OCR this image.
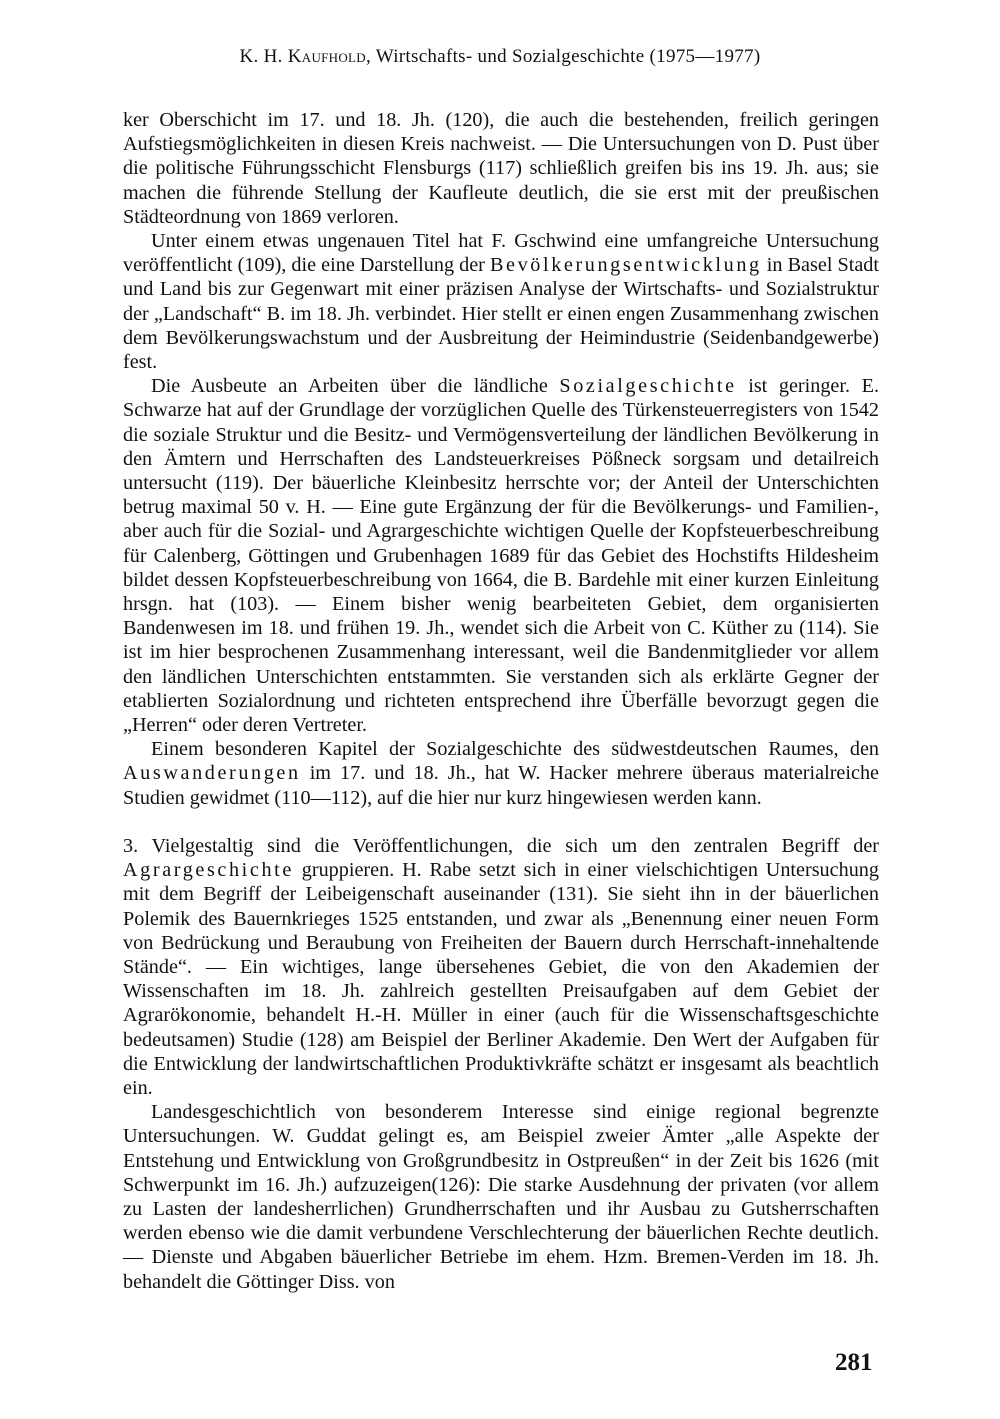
K. H. Kaufhold, Wirtschafts- und Sozialgeschichte (1975—1977)

ker Oberschicht im 17. und 18. Jh. (120), die auch die bestehenden, freilich geringen Aufstiegsmöglichkeiten in diesen Kreis nachweist. — Die Untersuchungen von D. Pust über die politische Führungsschicht Flensburgs (117) schließlich greifen bis ins 19. Jh. aus; sie machen die führende Stellung der Kaufleute deutlich, die sie erst mit der preußischen Städteordnung von 1869 verloren.

Unter einem etwas ungenauen Titel hat F. Gschwind eine umfangreiche Untersuchung veröffentlicht (109), die eine Darstellung der Bevölkerungsentwicklung in Basel Stadt und Land bis zur Gegenwart mit einer präzisen Analyse der Wirtschafts- und Sozialstruktur der „Landschaft“ B. im 18. Jh. verbindet. Hier stellt er einen engen Zusammenhang zwischen dem Bevölkerungswachstum und der Ausbreitung der Heimindustrie (Seidenbandgewerbe) fest.

Die Ausbeute an Arbeiten über die ländliche Sozialgeschichte ist geringer. E. Schwarze hat auf der Grundlage der vorzüglichen Quelle des Türkensteuerregisters von 1542 die soziale Struktur und die Besitz- und Vermögensverteilung der ländlichen Bevölkerung in den Ämtern und Herrschaften des Landsteuerkreises Pößneck sorgsam und detailreich untersucht (119). Der bäuerliche Kleinbesitz herrschte vor; der Anteil der Unterschichten betrug maximal 50 v. H. — Eine gute Ergänzung der für die Bevölkerungs- und Familien-, aber auch für die Sozial- und Agrargeschichte wichtigen Quelle der Kopfsteuerbeschreibung für Calenberg, Göttingen und Grubenhagen 1689 für das Gebiet des Hochstifts Hildesheim bildet dessen Kopfsteuerbeschreibung von 1664, die B. Bardehle mit einer kurzen Einleitung hrsgn. hat (103). — Einem bisher wenig bearbeiteten Gebiet, dem organisierten Bandenwesen im 18. und frühen 19. Jh., wendet sich die Arbeit von C. Küther zu (114). Sie ist im hier besprochenen Zusammenhang interessant, weil die Bandenmitglieder vor allem den ländlichen Unterschichten entstammten. Sie verstanden sich als erklärte Gegner der etablierten Sozialordnung und richteten entsprechend ihre Überfälle bevorzugt gegen die „Herren“ oder deren Vertreter.

Einem besonderen Kapitel der Sozialgeschichte des südwestdeutschen Raumes, den Auswanderungen im 17. und 18. Jh., hat W. Hacker mehrere überaus materialreiche Studien gewidmet (110—112), auf die hier nur kurz hingewiesen werden kann.

3. Vielgestaltig sind die Veröffentlichungen, die sich um den zentralen Begriff der Agrargeschichte gruppieren. H. Rabe setzt sich in einer vielschichtigen Untersuchung mit dem Begriff der Leibeigenschaft auseinander (131). Sie sieht ihn in der bäuerlichen Polemik des Bauernkrieges 1525 entstanden, und zwar als „Benennung einer neuen Form von Bedrückung und Beraubung von Freiheiten der Bauern durch Herrschaft-innehaltende Stände“. — Ein wichtiges, lange übersehenes Gebiet, die von den Akademien der Wissenschaften im 18. Jh. zahlreich gestellten Preisaufgaben auf dem Gebiet der Agrarökonomie, behandelt H.-H. Müller in einer (auch für die Wissenschaftsgeschichte bedeutsamen) Studie (128) am Beispiel der Berliner Akademie. Den Wert der Aufgaben für die Entwicklung der landwirtschaftlichen Produktivkräfte schätzt er insgesamt als beachtlich ein.

Landesgeschichtlich von besonderem Interesse sind einige regional begrenzte Untersuchungen. W. Guddat gelingt es, am Beispiel zweier Ämter „alle Aspekte der Entstehung und Entwicklung von Großgrundbesitz in Ostpreußen“ in der Zeit bis 1626 (mit Schwerpunkt im 16. Jh.) aufzuzeigen(126): Die starke Ausdehnung der privaten (vor allem zu Lasten der landesherrlichen) Grundherrschaften und ihr Ausbau zu Gutsherrschaften werden ebenso wie die damit verbundene Verschlechterung der bäuerlichen Rechte deutlich. — Dienste und Abgaben bäuerlicher Betriebe im ehem. Hzm. Bremen-Verden im 18. Jh. behandelt die Göttinger Diss. von

281
